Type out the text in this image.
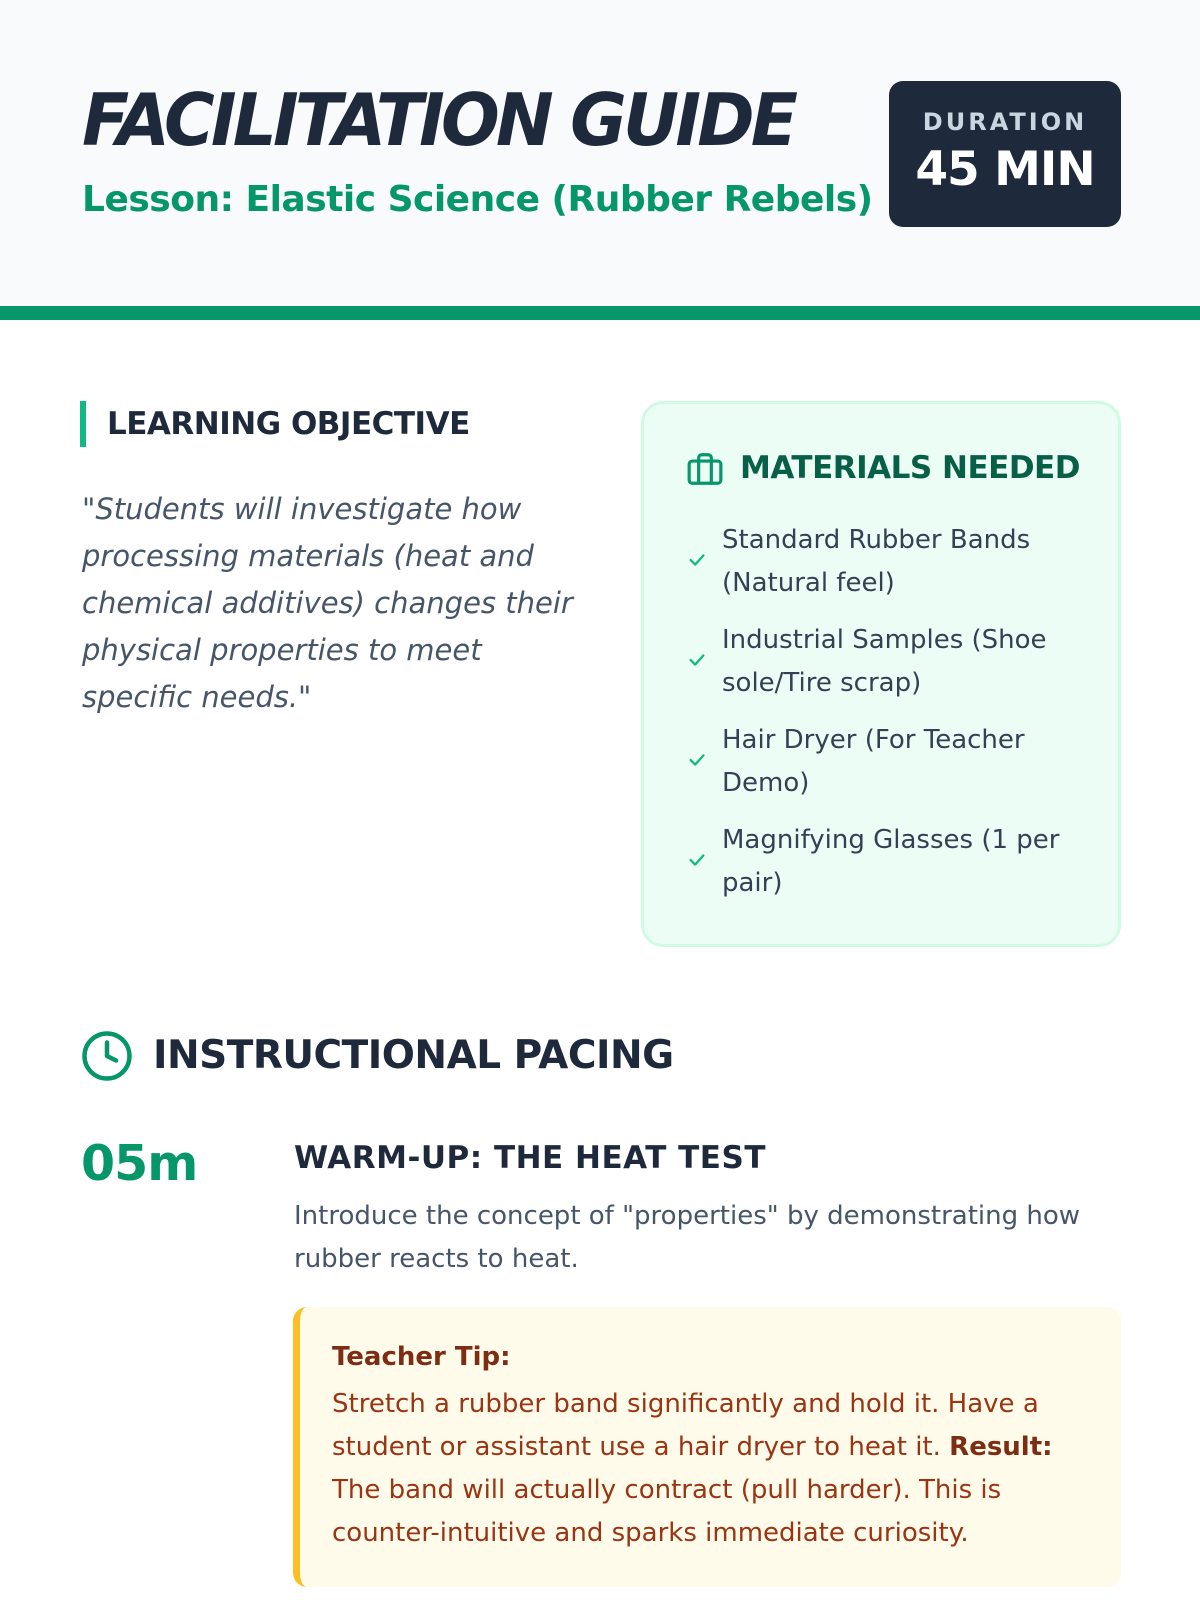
FACILITATION GUIDE
Lesson: Elastic Science (Rubber Rebels)
DURATION
45 MIN
LEARNING OBJECTIVE
"Students will investigate how processing materials (heat and chemical additives) changes their physical properties to meet specific needs."
MATERIALS NEEDED
Standard Rubber Bands (Natural feel)
Industrial Samples (Shoe sole/Tire scrap)
Hair Dryer (For Teacher Demo)
Magnifying Glasses (1 per pair)
INSTRUCTIONAL PACING
05m	WARM-UP: THE HEAT TEST
Introduce the concept of "properties" by demonstrating how rubber reacts to heat.
Teacher Tip:
Stretch a rubber band significantly and hold it. Have a student or assistant use a hair dryer to heat it. Result: The band will actually contract (pull harder). This is counter-intuitive and sparks immediate curiosity.
